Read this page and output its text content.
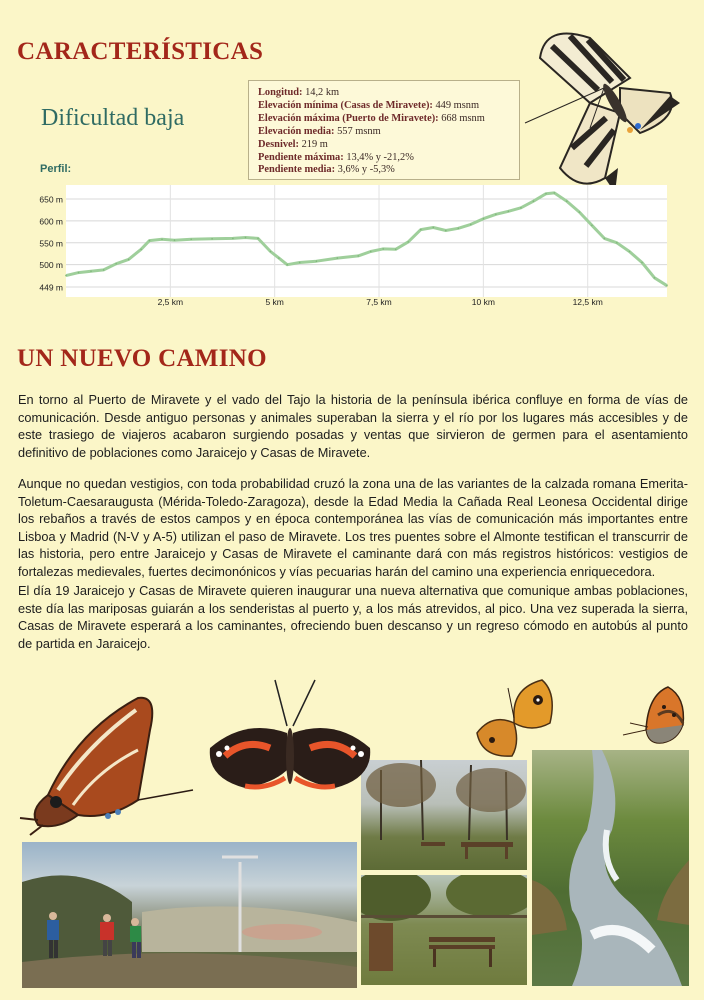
CARACTERÍSTICAS
Dificultad baja
Longitud: 14,2 km
Elevación mínima (Casas de Miravete): 449 msnm
Elevación máxima (Puerto de Miravete): 668 msnm
Elevación media: 557 msnm
Desnivel: 219 m
Pendiente máxima: 13,4% y -21,2%
Pendiente media: 3,6% y -5,3%
Perfil:
650 m
600 m
550 m
500 m
449 m
2,5 km	5 km	7,5 km	10 km	12,5 km
UN NUEVO CAMINO

En torno al Puerto de Miravete y el vado del Tajo la historia de la península ibérica confluye en forma de vías de comunicación. Desde antiguo personas y animales superaban la sierra y el río por los lugares más accesibles y de este trasiego de viajeros acabaron surgiendo posadas y ventas que sirvieron de germen para el asentamiento definitivo de poblaciones como Jaraicejo y Casas de Miravete.

Aunque no quedan vestigios, con toda probabilidad cruzó la zona una de las variantes de la calzada romana Emerita-Toletum-Caesaraugusta (Mérida-Toledo-Zaragoza), desde la Edad Media la Cañada Real Leonesa Occidental dirige los rebaños a través de estos campos y en época contemporánea las vías de comunicación más importantes entre Lisboa y Madrid (N-V y A-5) utilizan el paso de Miravete. Los tres puentes sobre el Almonte testifican el transcurrir de las historia, pero entre Jaraicejo y Casas de Miravete el caminante dará con más registros históricos: vestigios de fortalezas medievales, fuertes decimonónicos y vías pecuarias harán del camino una experiencia enriquecedora.

El día 19 Jaraicejo y Casas de Miravete quieren inaugurar una nueva alternativa que comunique ambas poblaciones, este día las mariposas guiarán a los senderistas al puerto y, a los más atrevidos, al pico. Una vez superada la sierra, Casas de Miravete esperará a los caminantes, ofreciendo buen descanso y un regreso cómodo en autobús al punto de partida en Jaraicejo.
